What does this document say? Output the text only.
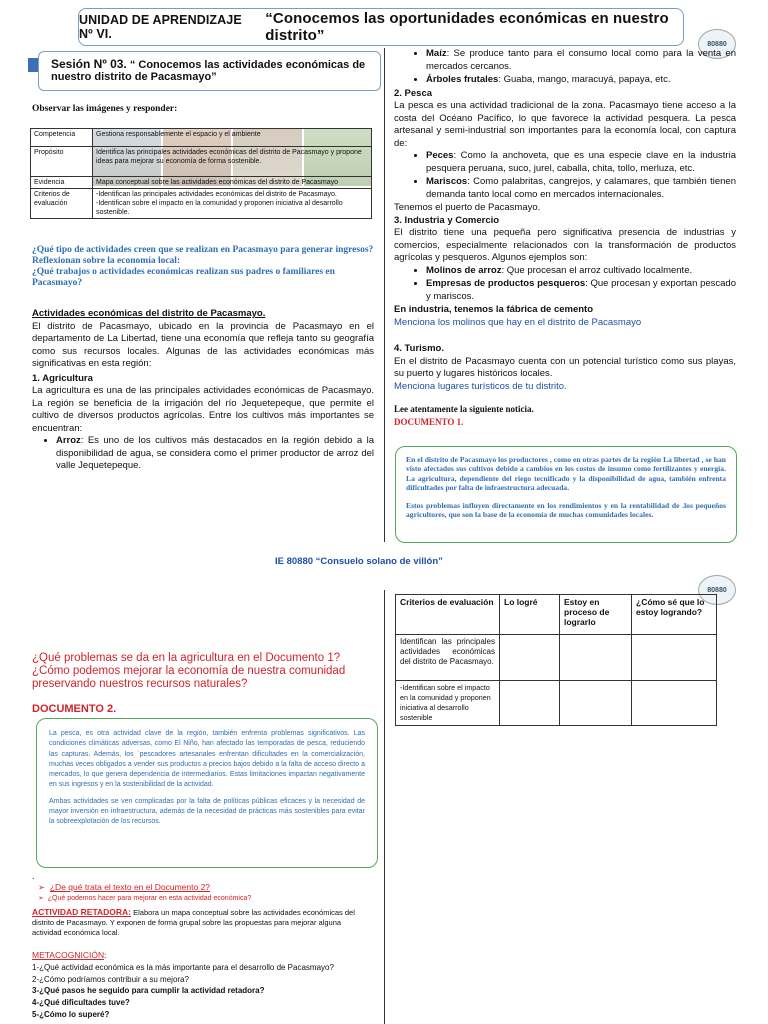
UNIDAD DE APRENDIZAJE Nº VI.
“Conocemos las oportunidades económicas en nuestro distrito”	80880
Sesión Nº 03. “ Conocemos las actividades económicas de nuestro distrito de Pacasmayo”
Observar las imágenes y responder:
Competencia	Gestiona responsablemente el espacio y el ambiente
Propósito	Identifica las principales actividades económicas del distrito de Pacasmayo y propone ideas para mejorar su economía de forma sostenible.
Evidencia	Mapa conceptual sobre las actividades económicas del distrito de Pacasmayo
Criterios de evaluación	-Identifican las principales actividades económicas del distrito de Pacasmayo.
-Identifican sobre el impacto en la comunidad y proponen iniciativa al desarrollo sostenible.
¿Qué tipo de actividades creen que se realizan en Pacasmayo para generar ingresos?
Reflexionan sobre la economía local:
¿Qué trabajos o actividades económicas realizan sus padres o familiares en Pacasmayo?
Actividades económicas del distrito de Pacasmayo.
El distrito de Pacasmayo, ubicado en la provincia de Pacasmayo en el departamento de La Libertad, tiene una economía que refleja tanto su geografía como sus recursos locales. Algunas de las actividades económicas más significativas en esta región:
1. Agricultura
La agricultura es una de las principales actividades económicas de Pacasmayo. La región se beneficia de la irrigación del río Jequetepeque, que permite el cultivo de diversos productos agrícolas. Entre los cultivos más importantes se encuentran:
• Arroz: Es uno de los cultivos más destacados en la región debido a la disponibilidad de agua, se considera como el primer productor de arroz del valle Jequetepeque.
• Maíz: Se produce tanto para el consumo local como para la venta en mercados cercanos.
• Árboles frutales: Guaba, mango, maracuyá, papaya, etc.
2. Pesca
La pesca es una actividad tradicional de la zona. Pacasmayo tiene acceso a la costa del Océano Pacífico, lo que favorece la actividad pesquera. La pesca artesanal y semi-industrial son importantes para la economía local, con captura de:
• Peces: Como la anchoveta, que es una especie clave en la industria pesquera peruana, suco, jurel, caballa, chita, tollo, merluza, etc.
• Mariscos: Como palabritas, cangrejos, y calamares, que también tienen demanda tanto local como en mercados internacionales.
Tenemos el puerto de Pacasmayo.
3. Industria y Comercio
El distrito tiene una pequeña pero significativa presencia de industrias y comercios, especialmente relacionados con la transformación de productos agrícolas y pesqueros. Algunos ejemplos son:
• Molinos de arroz: Que procesan el arroz cultivado localmente.
• Empresas de productos pesqueros: Que procesan y exportan pescado y mariscos.
En industria, tenemos la fábrica de cemento
Menciona los molinos que hay en el distrito de Pacasmayo
4. Turismo.
En el distrito de Pacasmayo cuenta con un potencial turístico como sus playas, su puerto y lugares históricos locales.
Menciona lugares turísticos de tu distrito.
Lee atentamente la siguiente noticia.
DOCUMENTO 1.
En el distrito de Pacasmayo los productores , como en otras partes de la región La libertad , se han visto afectados sus cultivos debido a cambios en los costos de insumo como fertilizantes y energía. La agricultura, dependiente del riego tecnificado y la disponibilidad de agua, también enfrenta dificultades por falta de infraestructura adecuada.
Estos problemas influyen directamente en los rendimientos y en la rentabilidad de .los pequeños agricultores, que son la base de la economía de muchas comunidades locales.
IE 80880 “Consuelo solano de villón”
80880
¿Qué problemas se da en la agricultura en el Documento 1? ¿Cómo podemos mejorar la economía de nuestra comunidad preservando nuestros recursos naturales?
DOCUMENTO 2.
La pesca, es otra actividad clave de la región, también enfrenta problemas significativos. Las condiciones climáticas adversas, como El Niño, han afectado las temporadas de pesca, reduciendo las capturas. Además, los `pescadores artesanales enfrentan dificultades en la comercialización, muchas veces obligados a vender sus productos a precios bajos debido a la falta de acceso directo a mercados, lo que genera dependencia de intermediarios. Estas limitaciones impactan negativamente en sus ingresos y en la sostenibilidad de la actividad.
Ambas actividades se ven complicadas por la falta de políticas públicas eficaces y la necesidad de mayor inversión en infraestructura, además de la necesidad de prácticas más sostenibles para evitar la sobreexplotación de los recursos.
.
➢ ¿De qué trata el texto en el Documento 2?
➢ ¿Qué podemos hacer para mejorar en esta actividad económica?
ACTIVIDAD RETADORA: Elabora un mapa conceptual sobre las actividades económicas del distrito de Pacasmayo. Y exponen de forma grupal sobre las propuestas para mejorar alguna actividad económica local.
METACOGNICIÓN:
1-¿Qué actividad económica es la más importante para el desarrollo de Pacasmayo?
2-¿Cómo podríamos contribuir a su mejora?
3-¿Qué pasos he seguido para cumplir la actividad retadora?
4-¿Qué dificultades tuve?
5-¿Cómo lo superé?
Criterios de evaluación	Lo logré	Estoy en proceso de lograrlo	¿Cómo sé que lo estoy logrando?
Identifican las principales actividades económicas del distrito de Pacasmayo.			
-Identifican sobre el impacto en la comunidad y proponen iniciativa al desarrollo sostenible			
